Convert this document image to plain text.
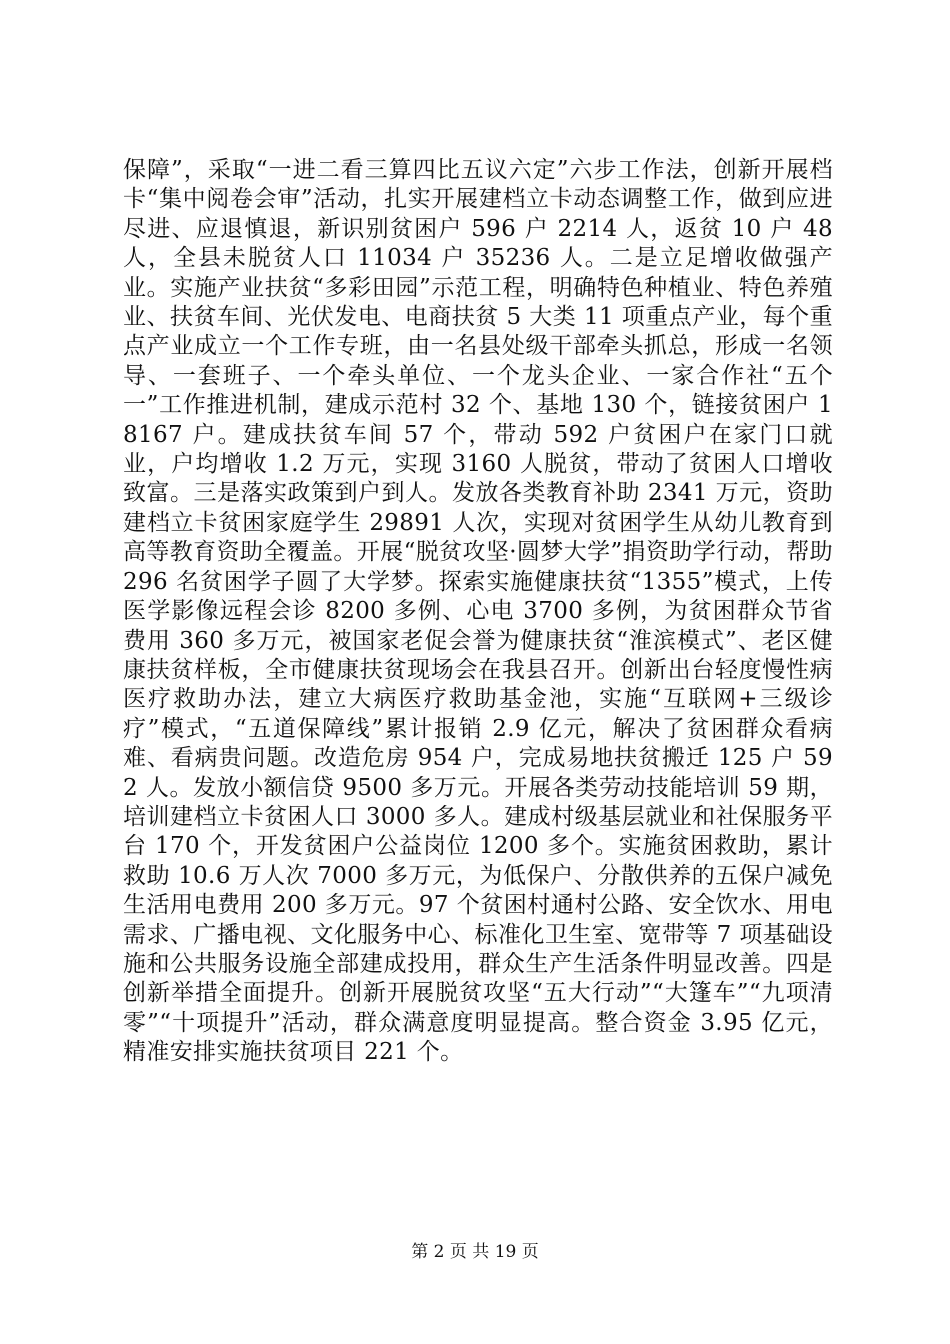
保障”，采取“一进二看三算四比五议六定”六步工作法，创新开展档卡“集中阅卷会审”活动，扎实开展建档立卡动态调整工作，做到应进尽进、应退慎退，新识别贫困户 596 户 2214 人，返贫 10 户 48 人，全县未脱贫人口 11034 户 35236 人。二是立足增收做强产业。实施产业扶贫“多彩田园”示范工程，明确特色种植业、特色养殖业、扶贫车间、光伏发电、电商扶贫 5 大类 11 项重点产业，每个重点产业成立一个工作专班，由一名县处级干部牵头抓总，形成一名领导、一套班子、一个牵头单位、一个龙头企业、一家合作社“五个一”工作推进机制，建成示范村 32 个、基地 130 个，链接贫困户 18167 户。建成扶贫车间 57 个，带动 592 户贫困户在家门口就业，户均增收 1.2 万元，实现 3160 人脱贫，带动了贫困人口增收致富。三是落实政策到户到人。发放各类教育补助 2341 万元，资助建档立卡贫困家庭学生 29891 人次，实现对贫困学生从幼儿教育到高等教育资助全覆盖。开展“脱贫攻坚·圆梦大学”捐资助学行动，帮助 296 名贫困学子圆了大学梦。探索实施健康扶贫“1355”模式，上传医学影像远程会诊 8200 多例、心电 3700 多例，为贫困群众节省费用 360 多万元，被国家老促会誉为健康扶贫“淮滨模式”、老区健康扶贫样板，全市健康扶贫现场会在我县召开。创新出台轻度慢性病医疗救助办法，建立大病医疗救助基金池，实施“互联网+三级诊疗”模式，“五道保障线”累计报销 2.9 亿元，解决了贫困群众看病难、看病贵问题。改造危房 954 户，完成易地扶贫搬迁 125 户 592 人。发放小额信贷 9500 多万元。开展各类劳动技能培训 59 期，培训建档立卡贫困人口 3000 多人。建成村级基层就业和社保服务平台 170 个，开发贫困户公益岗位 1200 多个。实施贫困救助，累计救助 10.6 万人次 7000 多万元，为低保户、分散供养的五保户减免生活用电费用 200 多万元。97 个贫困村通村公路、安全饮水、用电需求、广播电视、文化服务中心、标准化卫生室、宽带等 7 项基础设施和公共服务设施全部建成投用，群众生产生活条件明显改善。四是创新举措全面提升。创新开展脱贫攻坚“五大行动”“大篷车”“九项清零”“十项提升”活动，群众满意度明显提高。整合资金 3.95 亿元，精准安排实施扶贫项目 221 个。

第 2 页 共 19 页
